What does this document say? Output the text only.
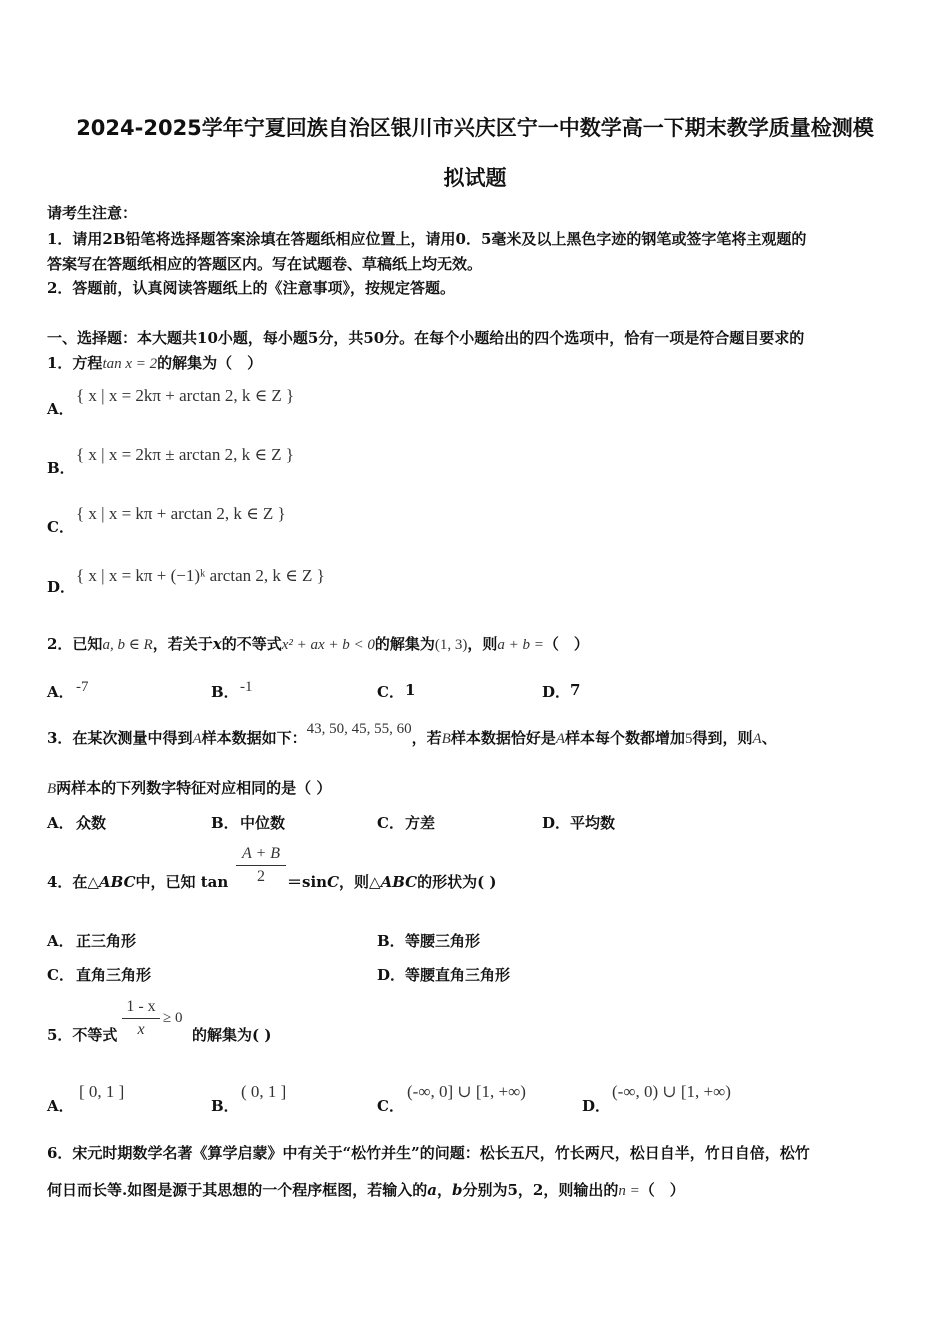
2024-2025学年宁夏回族自治区银川市兴庆区宁一中数学高一下期末教学质量检测模
拟试题
请考生注意：
1．请用2B铅笔将选择题答案涂填在答题纸相应位置上，请用0．5毫米及以上黑色字迹的钢笔或签字笔将主观题的
答案写在答题纸相应的答题区内。写在试题卷、草稿纸上均无效。
2．答题前，认真阅读答题纸上的《注意事项》，按规定答题。
一、选择题：本大题共10小题，每小题5分，共50分。在每个小题给出的四个选项中，恰有一项是符合题目要求的
1．方程tan x = 2的解集为（　）
A．
{ x | x = 2kπ + arctan 2, k ∈ Z }
B．
{ x | x = 2kπ ± arctan 2, k ∈ Z }
C．
{ x | x = kπ + arctan 2, k ∈ Z }
D．
{ x | x = kπ + (−1)ᵏ arctan 2, k ∈ Z }
2．已知a, b ∈ R，若关于x的不等式x² + ax + b < 0的解集为(1, 3)，则a + b =（　）
A． -7	B． -1	C． 1	D． 7
3．在某次测量中得到A样本数据如下：43, 50, 45, 55, 60，若B样本数据恰好是A样本每个数都增加5得到，则A、
B两样本的下列数字特征对应相同的是（ ）
A． 众数	B． 中位数	C． 方差	D． 平均数
4．在△ABC中，已知 tan
A + B
2	＝sinC，则△ABC的形状为( )
A． 正三角形	B． 等腰三角形
C． 直角三角形	D． 等腰直角三角形
5．不等式
1 - x
x
≥ 0
的解集为( )
A．
[ 0, 1 ]
B．
( 0, 1 ]
C．
(-∞, 0] ∪ [1, +∞)
D．
(-∞, 0) ∪ [1, +∞)
6．宋元时期数学名著《算学启蒙》中有关于“松竹并生”的问题：松长五尺，竹长两尺，松日自半，竹日自倍，松竹
何日而长等.如图是源于其思想的一个程序框图，若输入的a，b分别为5，2，则输出的n =（　）
